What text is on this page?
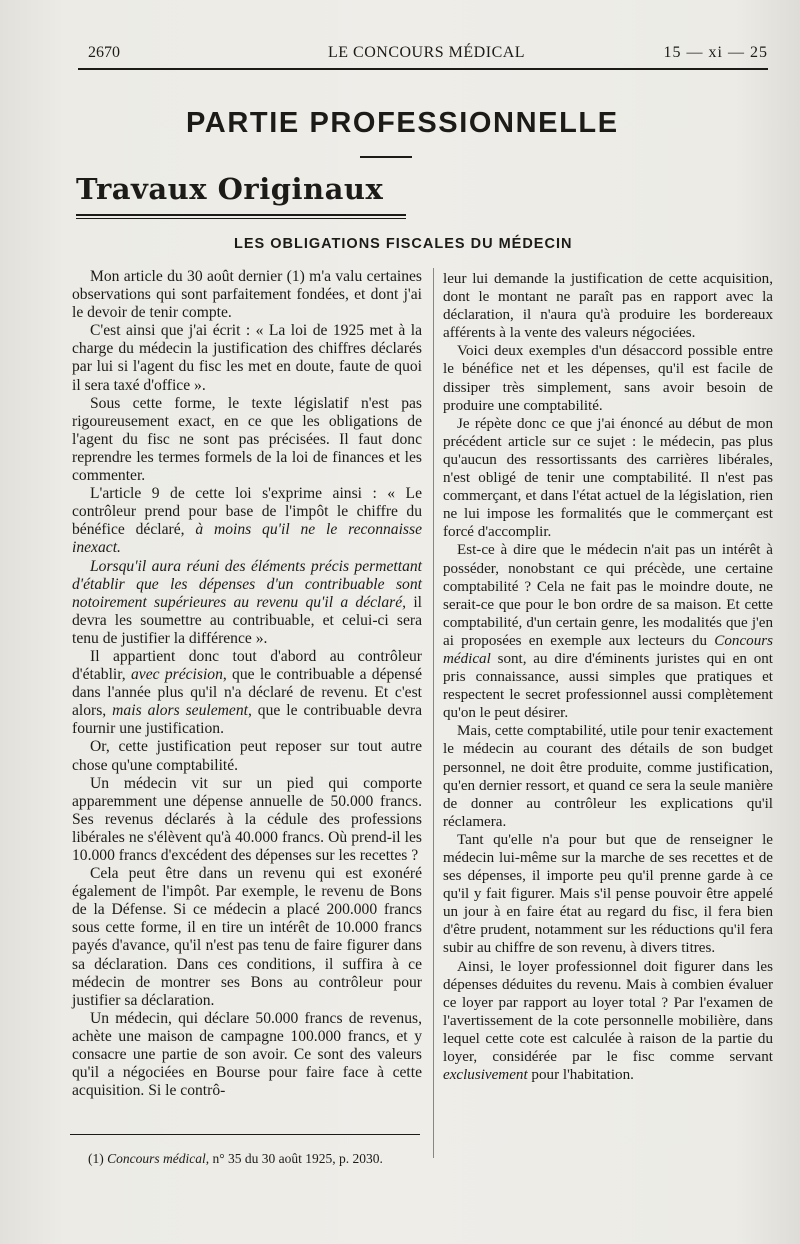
2670	LE CONCOURS MÉDICAL	15 — xi — 25
PARTIE PROFESSIONNELLE
Travaux Originaux
LES OBLIGATIONS FISCALES DU MÉDECIN

Mon article du 30 août dernier (1) m'a valu certaines observations qui sont parfaitement fondées, et dont j'ai le devoir de tenir compte.

C'est ainsi que j'ai écrit : « La loi de 1925 met à la charge du médecin la justification des chiffres déclarés par lui si l'agent du fisc les met en doute, faute de quoi il sera taxé d'office ».

Sous cette forme, le texte législatif n'est pas rigoureusement exact, en ce que les obligations de l'agent du fisc ne sont pas précisées. Il faut donc reprendre les termes formels de la loi de finances et les commenter.

L'article 9 de cette loi s'exprime ainsi : « Le contrôleur prend pour base de l'impôt le chiffre du bénéfice déclaré, à moins qu'il ne le reconnaisse inexact.

Lorsqu'il aura réuni des éléments précis permettant d'établir que les dépenses d'un contribuable sont notoirement supérieures au revenu qu'il a déclaré, il devra les soumettre au contribuable, et celui-ci sera tenu de justifier la différence ».

Il appartient donc tout d'abord au contrôleur d'établir, avec précision, que le contribuable a dépensé dans l'année plus qu'il n'a déclaré de revenu. Et c'est alors, mais alors seulement, que le contribuable devra fournir une justification.

Or, cette justification peut reposer sur tout autre chose qu'une comptabilité.

Un médecin vit sur un pied qui comporte apparemment une dépense annuelle de 50.000 francs. Ses revenus déclarés à la cédule des professions libérales ne s'élèvent qu'à 40.000 francs. Où prend-il les 10.000 francs d'excédent des dépenses sur les recettes ?

Cela peut être dans un revenu qui est exonéré également de l'impôt. Par exemple, le revenu de Bons de la Défense. Si ce médecin a placé 200.000 francs sous cette forme, il en tire un intérêt de 10.000 francs payés d'avance, qu'il n'est pas tenu de faire figurer dans sa déclaration. Dans ces conditions, il suffira à ce médecin de montrer ses Bons au contrôleur pour justifier sa déclaration.

Un médecin, qui déclare 50.000 francs de revenus, achète une maison de campagne 100.000 francs, et y consacre une partie de son avoir. Ce sont des valeurs qu'il a négociées en Bourse pour faire face à cette acquisition. Si le contrô-

leur lui demande la justification de cette acquisition, dont le montant ne paraît pas en rapport avec la déclaration, il n'aura qu'à produire les bordereaux afférents à la vente des valeurs négociées.

Voici deux exemples d'un désaccord possible entre le bénéfice net et les dépenses, qu'il est facile de dissiper très simplement, sans avoir besoin de produire une comptabilité.

Je répète donc ce que j'ai énoncé au début de mon précédent article sur ce sujet : le médecin, pas plus qu'aucun des ressortissants des carrières libérales, n'est obligé de tenir une comptabilité. Il n'est pas commerçant, et dans l'état actuel de la législation, rien ne lui impose les formalités que le commerçant est forcé d'accomplir.

Est-ce à dire que le médecin n'ait pas un intérêt à posséder, nonobstant ce qui précède, une certaine comptabilité ? Cela ne fait pas le moindre doute, ne serait-ce que pour le bon ordre de sa maison. Et cette comptabilité, d'un certain genre, les modalités que j'en ai proposées en exemple aux lecteurs du Concours médical sont, au dire d'éminents juristes qui en ont pris connaissance, aussi simples que pratiques et respectent le secret professionnel aussi complètement qu'on le peut désirer.

Mais, cette comptabilité, utile pour tenir exactement le médecin au courant des détails de son budget personnel, ne doit être produite, comme justification, qu'en dernier ressort, et quand ce sera la seule manière de donner au contrôleur les explications qu'il réclamera.

Tant qu'elle n'a pour but que de renseigner le médecin lui-même sur la marche de ses recettes et de ses dépenses, il importe peu qu'il prenne garde à ce qu'il y fait figurer. Mais s'il pense pouvoir être appelé un jour à en faire état au regard du fisc, il fera bien d'être prudent, notamment sur les réductions qu'il fera subir au chiffre de son revenu, à divers titres.

Ainsi, le loyer professionnel doit figurer dans les dépenses déduites du revenu. Mais à combien évaluer ce loyer par rapport au loyer total ? Par l'examen de l'avertissement de la cote personnelle mobilière, dans lequel cette cote est calculée à raison de la partie du loyer, considérée par le fisc comme servant exclusivement pour l'habitation.

(1) Concours médical, n° 35 du 30 août 1925, p. 2030.
